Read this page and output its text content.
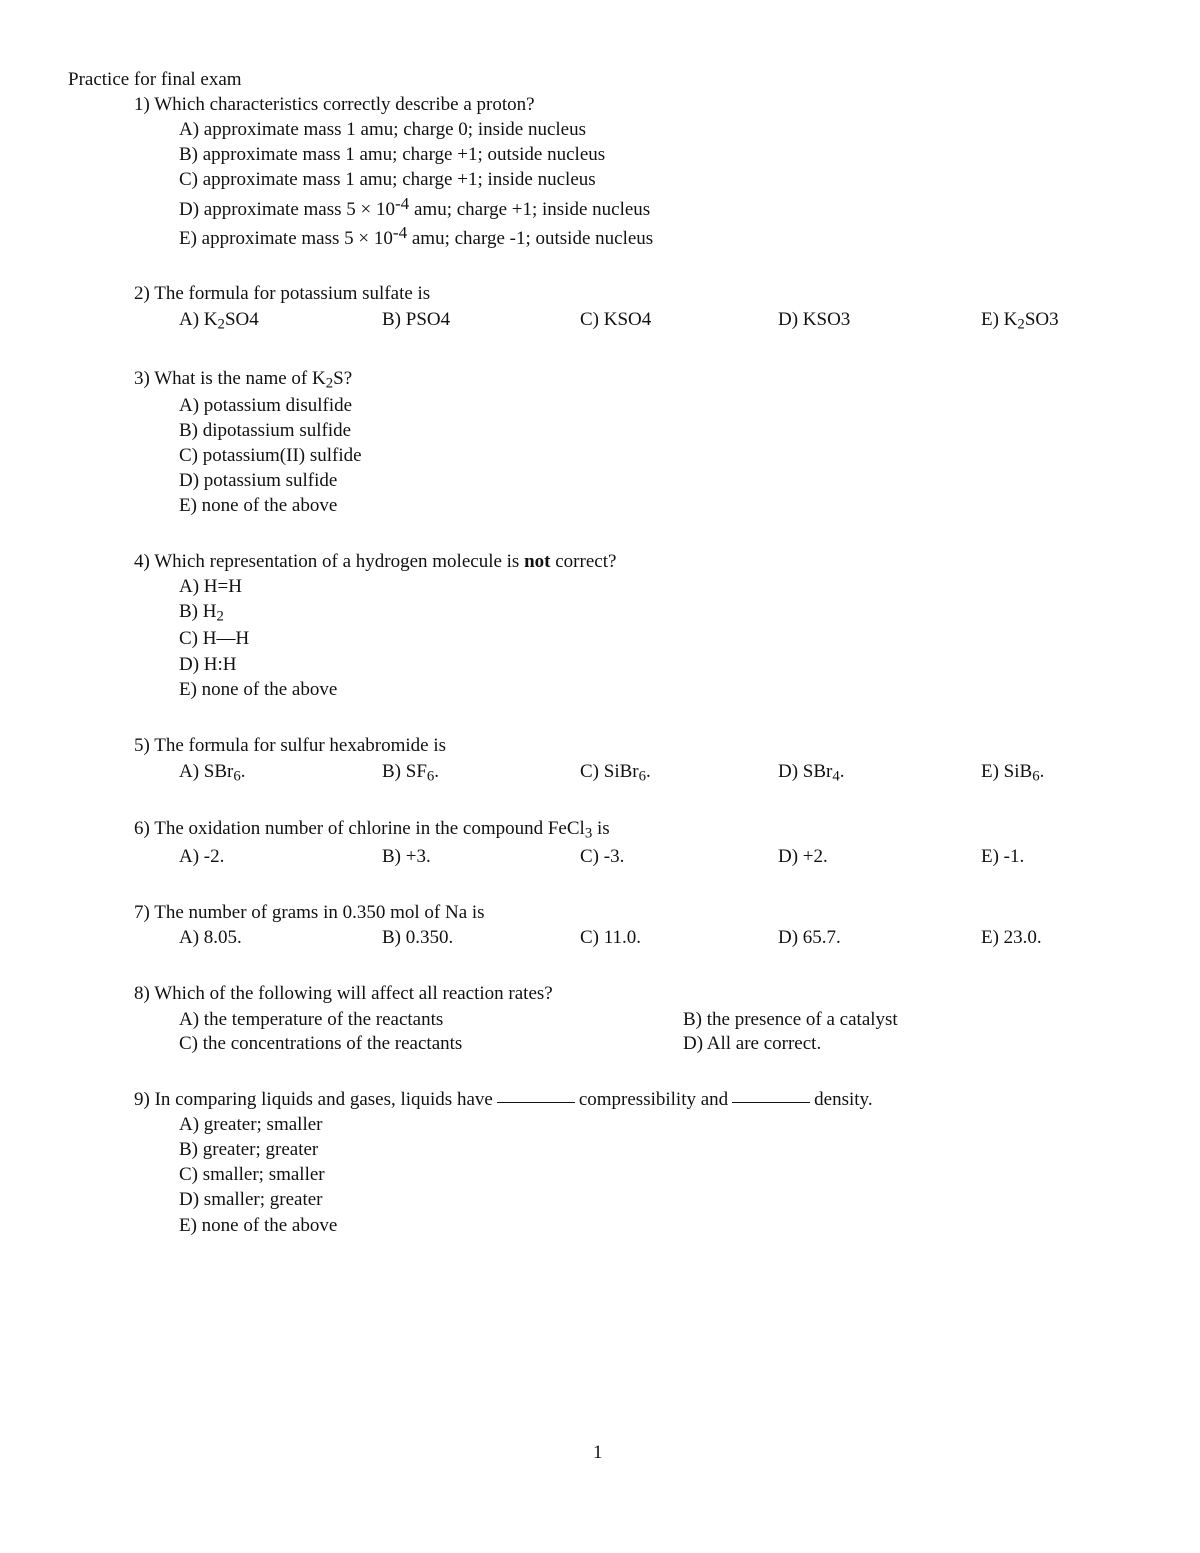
Practice for final exam
1) Which characteristics correctly describe a proton?
A) approximate mass 1 amu; charge 0; inside nucleus
B) approximate mass 1 amu; charge +1; outside nucleus
C) approximate mass 1 amu; charge +1; inside nucleus
D) approximate mass $5 \times 10^{-4}$ amu; charge +1; inside nucleus
E) approximate mass $5 \times 10^{-4}$ amu; charge -1; outside nucleus
2) The formula for potassium sulfate is
A) $K_2SO4$	B) PSO4	C) KSO4	D) KSO3	E) $K_2SO3$
3) What is the name of $K_2S$?
A) potassium disulfide
B) dipotassium sulfide
C) potassium(II) sulfide
D) potassium sulfide
E) none of the above
4) Which representation of a hydrogen molecule is not correct?
A) H=H
B) $H_2$
C) H—H
D) H:H
E) none of the above
5) The formula for sulfur hexabromide is
A) SBr$_6$.	B) $SF_6$.	C) SiBr$_6$.	D) SBr$_4$.	E) SiB$_6$.
6) The oxidation number of chlorine in the compound FeCl$_3$ is
A) -2.	B) +3.	C) -3.	D) +2.	E) -1.
7) The number of grams in 0.350 mol of Na is
A) 8.05.	B) 0.350.	C) 11.0.	D) 65.7.	E) 23.0.
8) Which of the following will affect all reaction rates?
A) the temperature of the reactants	B) the presence of a catalyst
C) the concentrations of the reactants	D) All are correct.
9) In comparing liquids and gases, liquids have	compressibility and	density.
A) greater; smaller
B) greater; greater
C) smaller; smaller
D) smaller; greater
E) none of the above
1
